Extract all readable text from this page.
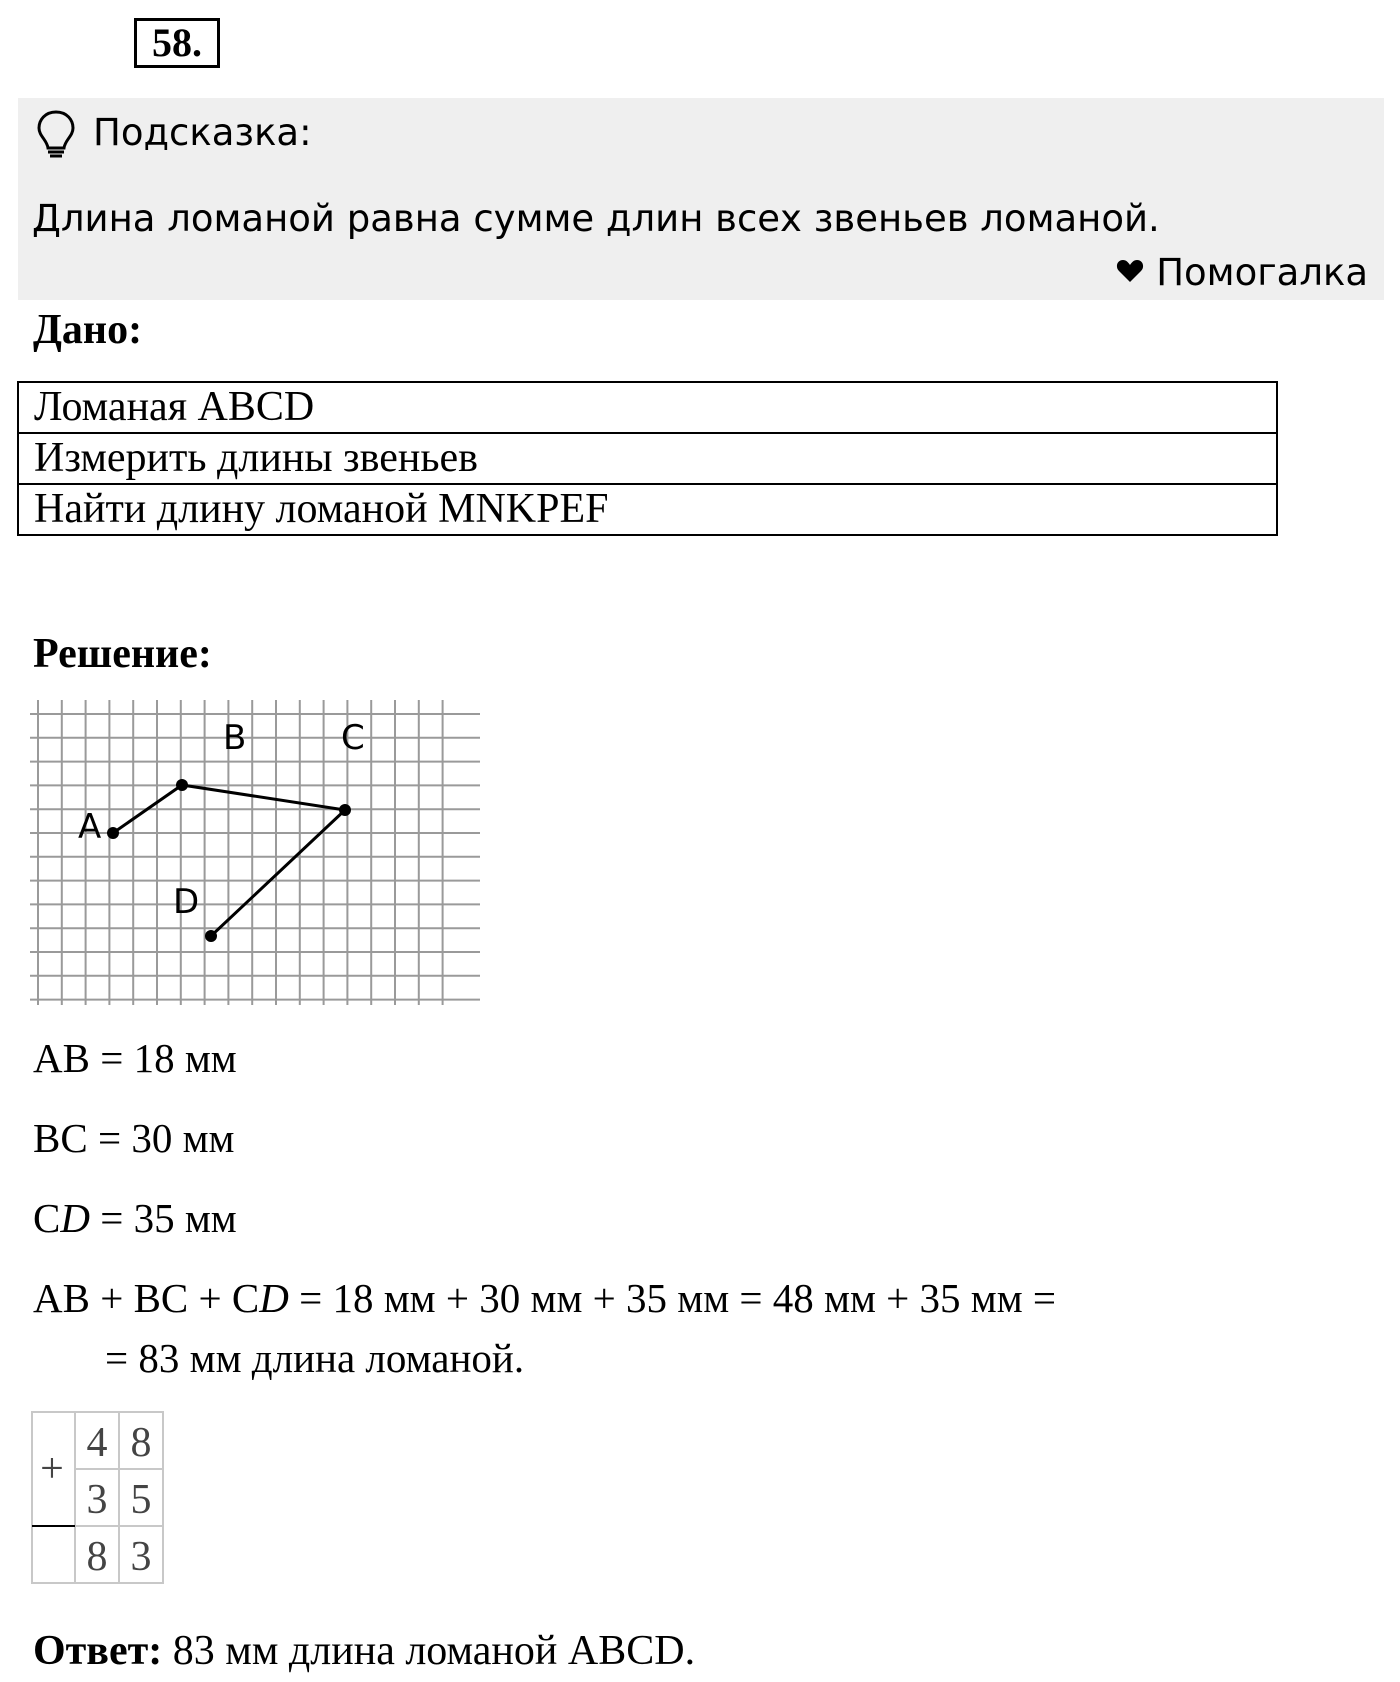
58.
Подсказка:
Длина ломаной равна сумме длин всех звеньев ломаной.
Помогалка
Дано:
Ломаная ABCD
Измерить длины звеньев
Найти длину ломаной MNKPEF
Решение:
A
B	C
D
AB = 18 мм
BC = 30 мм
CD = 35 мм
AB + BC + CD = 18 мм + 30 мм + 35 мм = 48 мм + 35 мм =
= 83 мм длина ломаной.
+
4 8
3 5
8 3
Ответ: 83 мм длина ломаной ABCD.
